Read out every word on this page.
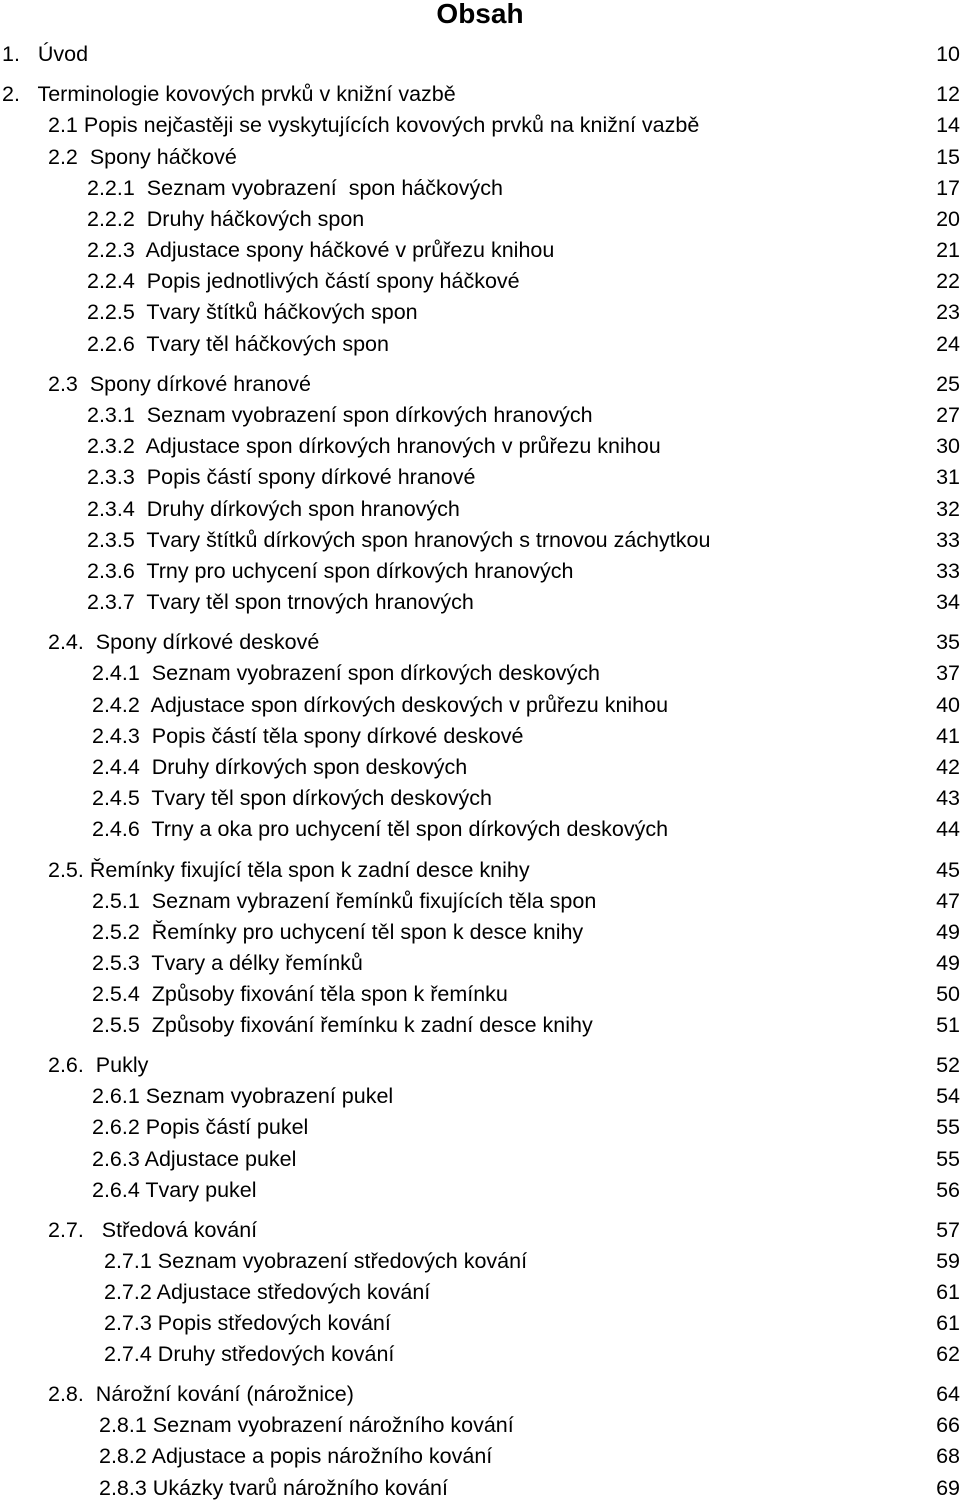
Obsah
1.   Úvod	10
2.   Terminologie kovových prvků v knižní vazbě	12
2.1 Popis nejčastěji se vyskytujících kovových prvků na knižní vazbě	14
2.2  Spony háčkové	15
2.2.1  Seznam vyobrazení  spon háčkových	17
2.2.2  Druhy háčkových spon	20
2.2.3  Adjustace spony háčkové v průřezu knihou	21
2.2.4  Popis jednotlivých částí spony háčkové	22
2.2.5  Tvary štítků háčkových spon	23
2.2.6  Tvary těl háčkových spon	24
2.3  Spony dírkové hranové	25
2.3.1  Seznam vyobrazení spon dírkových hranových	27
2.3.2  Adjustace spon dírkových hranových v průřezu knihou	30
2.3.3  Popis částí spony dírkové hranové	31
2.3.4  Druhy dírkových spon hranových	32
2.3.5  Tvary štítků dírkových spon hranových s trnovou záchytkou	33
2.3.6  Trny pro uchycení spon dírkových hranových	33
2.3.7  Tvary těl spon trnových hranových	34
2.4.  Spony dírkové deskové	35
2.4.1  Seznam vyobrazení spon dírkových deskových	37
2.4.2  Adjustace spon dírkových deskových v průřezu knihou	40
2.4.3  Popis částí těla spony dírkové deskové	41
2.4.4  Druhy dírkových spon deskových	42
2.4.5  Tvary těl spon dírkových deskových	43
2.4.6  Trny a oka pro uchycení těl spon dírkových deskových	44
2.5. Řemínky fixující těla spon k zadní desce knihy	45
2.5.1  Seznam vybrazení řemínků fixujících těla spon	47
2.5.2  Řemínky pro uchycení těl spon k desce knihy	49
2.5.3  Tvary a délky řemínků	49
2.5.4  Způsoby fixování těla spon k řemínku	50
2.5.5  Způsoby fixování řemínku k zadní desce knihy	51
2.6.  Pukly	52
2.6.1 Seznam vyobrazení pukel	54
2.6.2 Popis částí pukel	55
2.6.3 Adjustace pukel	55
2.6.4 Tvary pukel	56
2.7.   Středová kování	57
2.7.1 Seznam vyobrazení středových kování	59
2.7.2 Adjustace středových kování	61
2.7.3 Popis středových kování	61
2.7.4 Druhy středových kování	62
2.8.  Nárožní kování (nárožnice)	64
2.8.1 Seznam vyobrazení nárožního kování	66
2.8.2 Adjustace a popis nárožního kování	68
2.8.3 Ukázky tvarů nárožního kování	69
